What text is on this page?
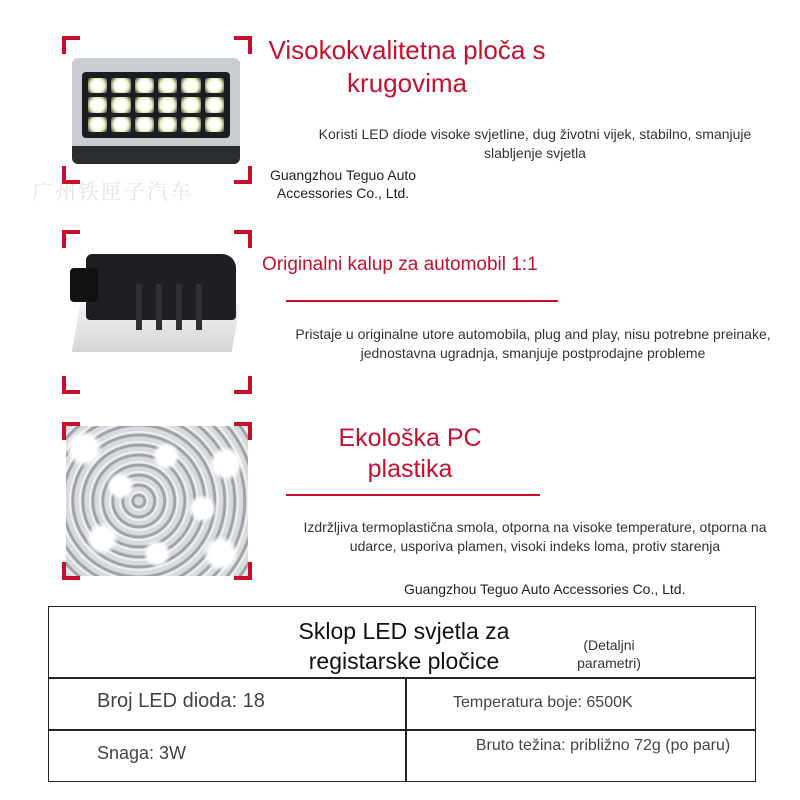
广州铁匣子汽车
Guangzhou Teguo Auto Accessories Co., Ltd.
Visokokvalitetna ploča s krugovima
Koristi LED diode visoke svjetline, dug životni vijek, stabilno, smanjuje slabljenje svjetla
Originalni kalup za automobil 1:1
Pristaje u originalne utore automobila, plug and play, nisu potrebne preinake, jednostavna ugradnja, smanjuje postprodajne probleme
Ekološka PC plastika
Izdržljiva termoplastična smola, otporna na visoke temperature, otporna na udarce, usporiva plamen, visoki indeks loma, protiv starenja
Guangzhou Teguo Auto Accessories Co., Ltd.
Sklop LED svjetla za registarske pločice
(Detaljni parametri)
Broj LED dioda: 18	Temperatura boje: 6500K
Snaga: 3W	Bruto težina: približno 72g (po paru)
